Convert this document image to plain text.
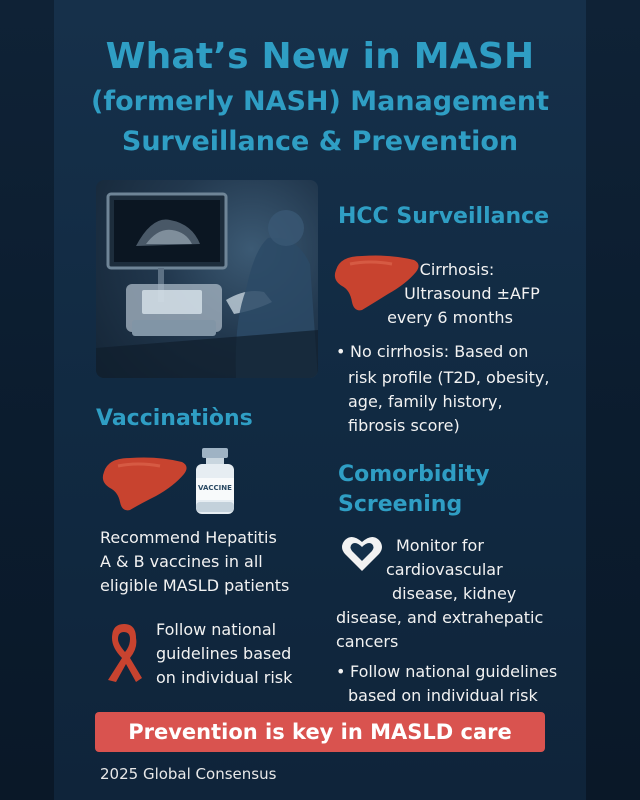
What’s New in MASH
(formerly NASH) Management
Surveillance & Prevention
HCC Surveillance

Cirrhosis:

Ultrasound ±AFP

every 6 months

• No cirrhosis: Based on

risk profile (T2D, obesity,

age, family history,

fibrosis score)

Vaccinatiòns
VACCINE

Recommend Hepatitis

A & B vaccines in all

eligible MASLD patients

Follow national

guidelines based

on individual risk

Comorbidity
Screening

Monitor for

cardiovascular

disease, kidney

disease, and extrahepatic

cancers

• Follow national guidelines

based on individual risk

Prevention is key in MASLD care

2025 Global Consensus
